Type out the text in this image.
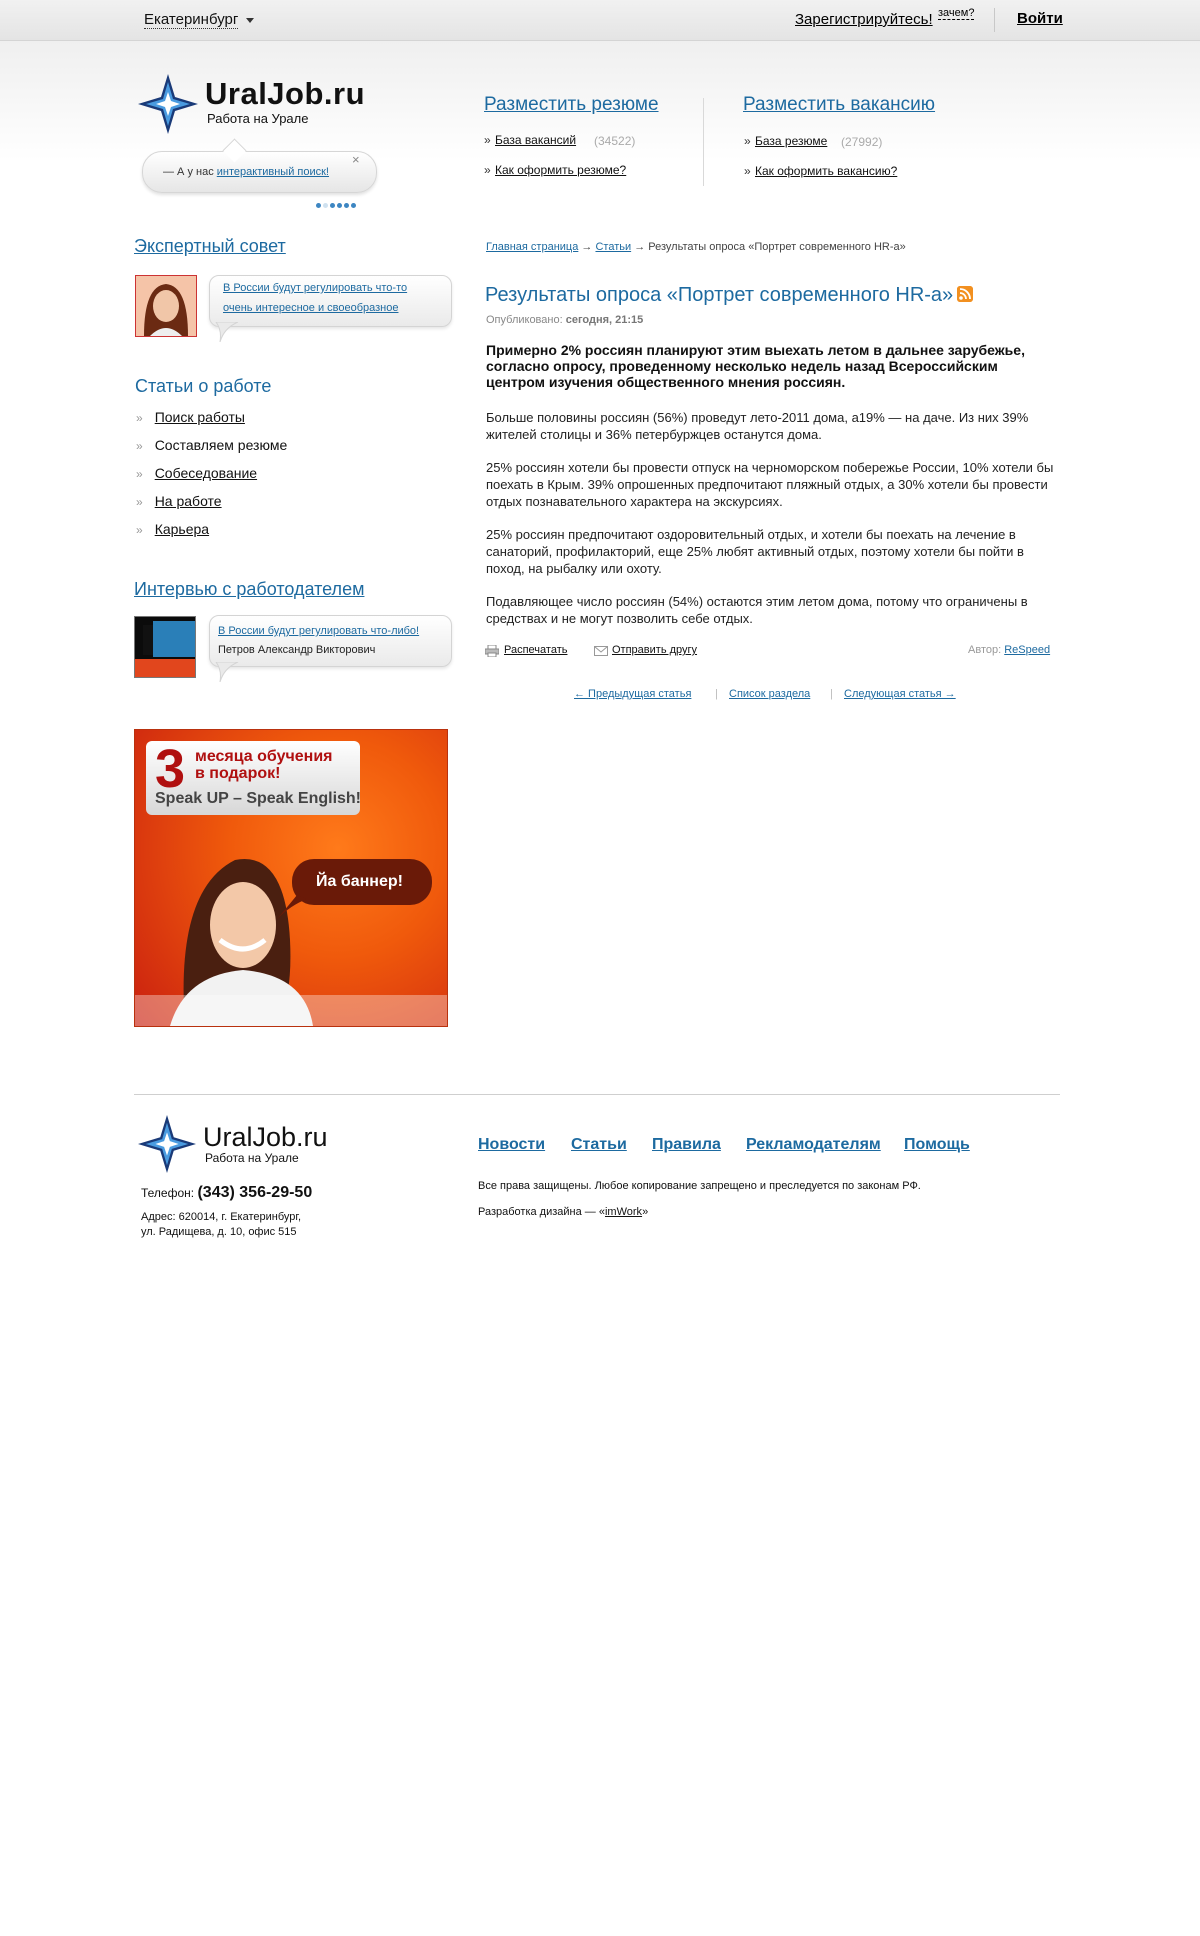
Екатеринбург	Зарегистрируйтесь! зачем?	Войти
UralJob.ru
Работа на Урале
— А у нас интерактивный поиск!
×
Разместить резюме
» База вакансий (34522)
» Как оформить резюме?
Разместить вакансию
» База резюме (27992)
» Как оформить вакансию?
Экспертный совет
В России будут регулировать что-то очень интересное и своеобразное
Статьи о работе
» Поиск работы
» Составляем резюме
» Собеседование
» На работе
» Карьера
Интервью с работодателем
В России будут регулировать что-либо!
Петров Александр Викторович
3 месяца обучения
в подарок!
Speak UP – Speak English!
Йа баннер!
Главная страница → Статьи → Результаты опроса «Портрет современного HR-а»
Результаты опроса «Портрет современного HR-а»
Опубликовано: сегодня, 21:15
Примерно 2% россиян планируют этим выехать летом в дальнее зарубежье, согласно опросу, проведенному несколько недель назад Всероссийским центром изучения общественного мнения россиян.
Больше половины россиян (56%) проведут лето-2011 дома, а19% — на даче. Из них 39% жителей столицы и 36% петербуржцев останутся дома.
25% россиян хотели бы провести отпуск на черноморском побережье России, 10% хотели бы поехать в Крым. 39% опрошенных предпочитают пляжный отдых, а 30% хотели бы провести отдых познавательного характера на экскурсиях.
25% россиян предпочитают оздоровительный отдых, и хотели бы поехать на лечение в санаторий, профилакторий, еще 25% любят активный отдых, поэтому хотели бы пойти в поход, на рыбалку или охоту.
Подавляющее число россиян (54%) остаются этим летом дома, потому что ограничены в средствах и не могут позволить себе отдых.
Распечатать	Отправить другу	Автор: ReSpeed
← Предыдущая статья | Список раздела | Следующая статья →
UralJob.ru
Работа на Урале
Телефон: (343) 356-29-50
Адрес: 620014, г. Екатеринбург,
ул. Радищева, д. 10, офис 515
Новости Статьи Правила Рекламодателям Помощь
Все права защищены. Любое копирование запрещено и преследуется по законам РФ.
Разработка дизайна — «imWork»
